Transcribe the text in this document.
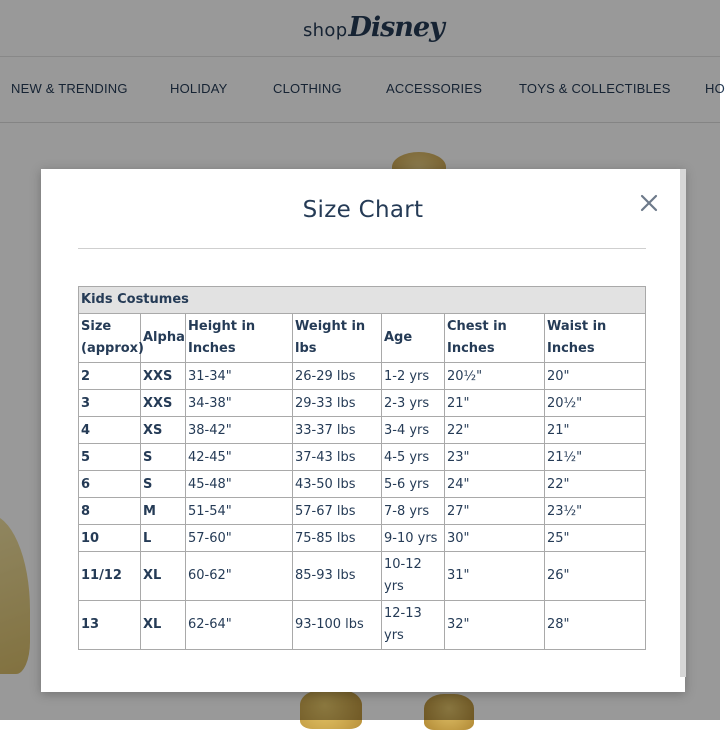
shop Disney
NEW & TRENDING	HOLIDAY	CLOTHING	ACCESSORIES	TOYS & COLLECTIBLES	HO
Size Chart
Kids Costumes						
Size (approx)	Alpha	Height in Inches	Weight in lbs	Age	Chest in Inches	Waist in Inches
2	XXS	31-34"	26-29 lbs	1-2 yrs	20½"	20"
3	XXS	34-38"	29-33 lbs	2-3 yrs	21"	20½"
4	XS	38-42"	33-37 lbs	3-4 yrs	22"	21"
5	S	42-45"	37-43 lbs	4-5 yrs	23"	21½"
6	S	45-48"	43-50 lbs	5-6 yrs	24"	22"
8	M	51-54"	57-67 lbs	7-8 yrs	27"	23½"
10	L	57-60"	75-85 lbs	9-10 yrs	30"	25"
11/12	XL	60-62"	85-93 lbs	10-12 yrs	31"	26"
13	XL	62-64"	93-100 lbs	12-13 yrs	32"	28"
